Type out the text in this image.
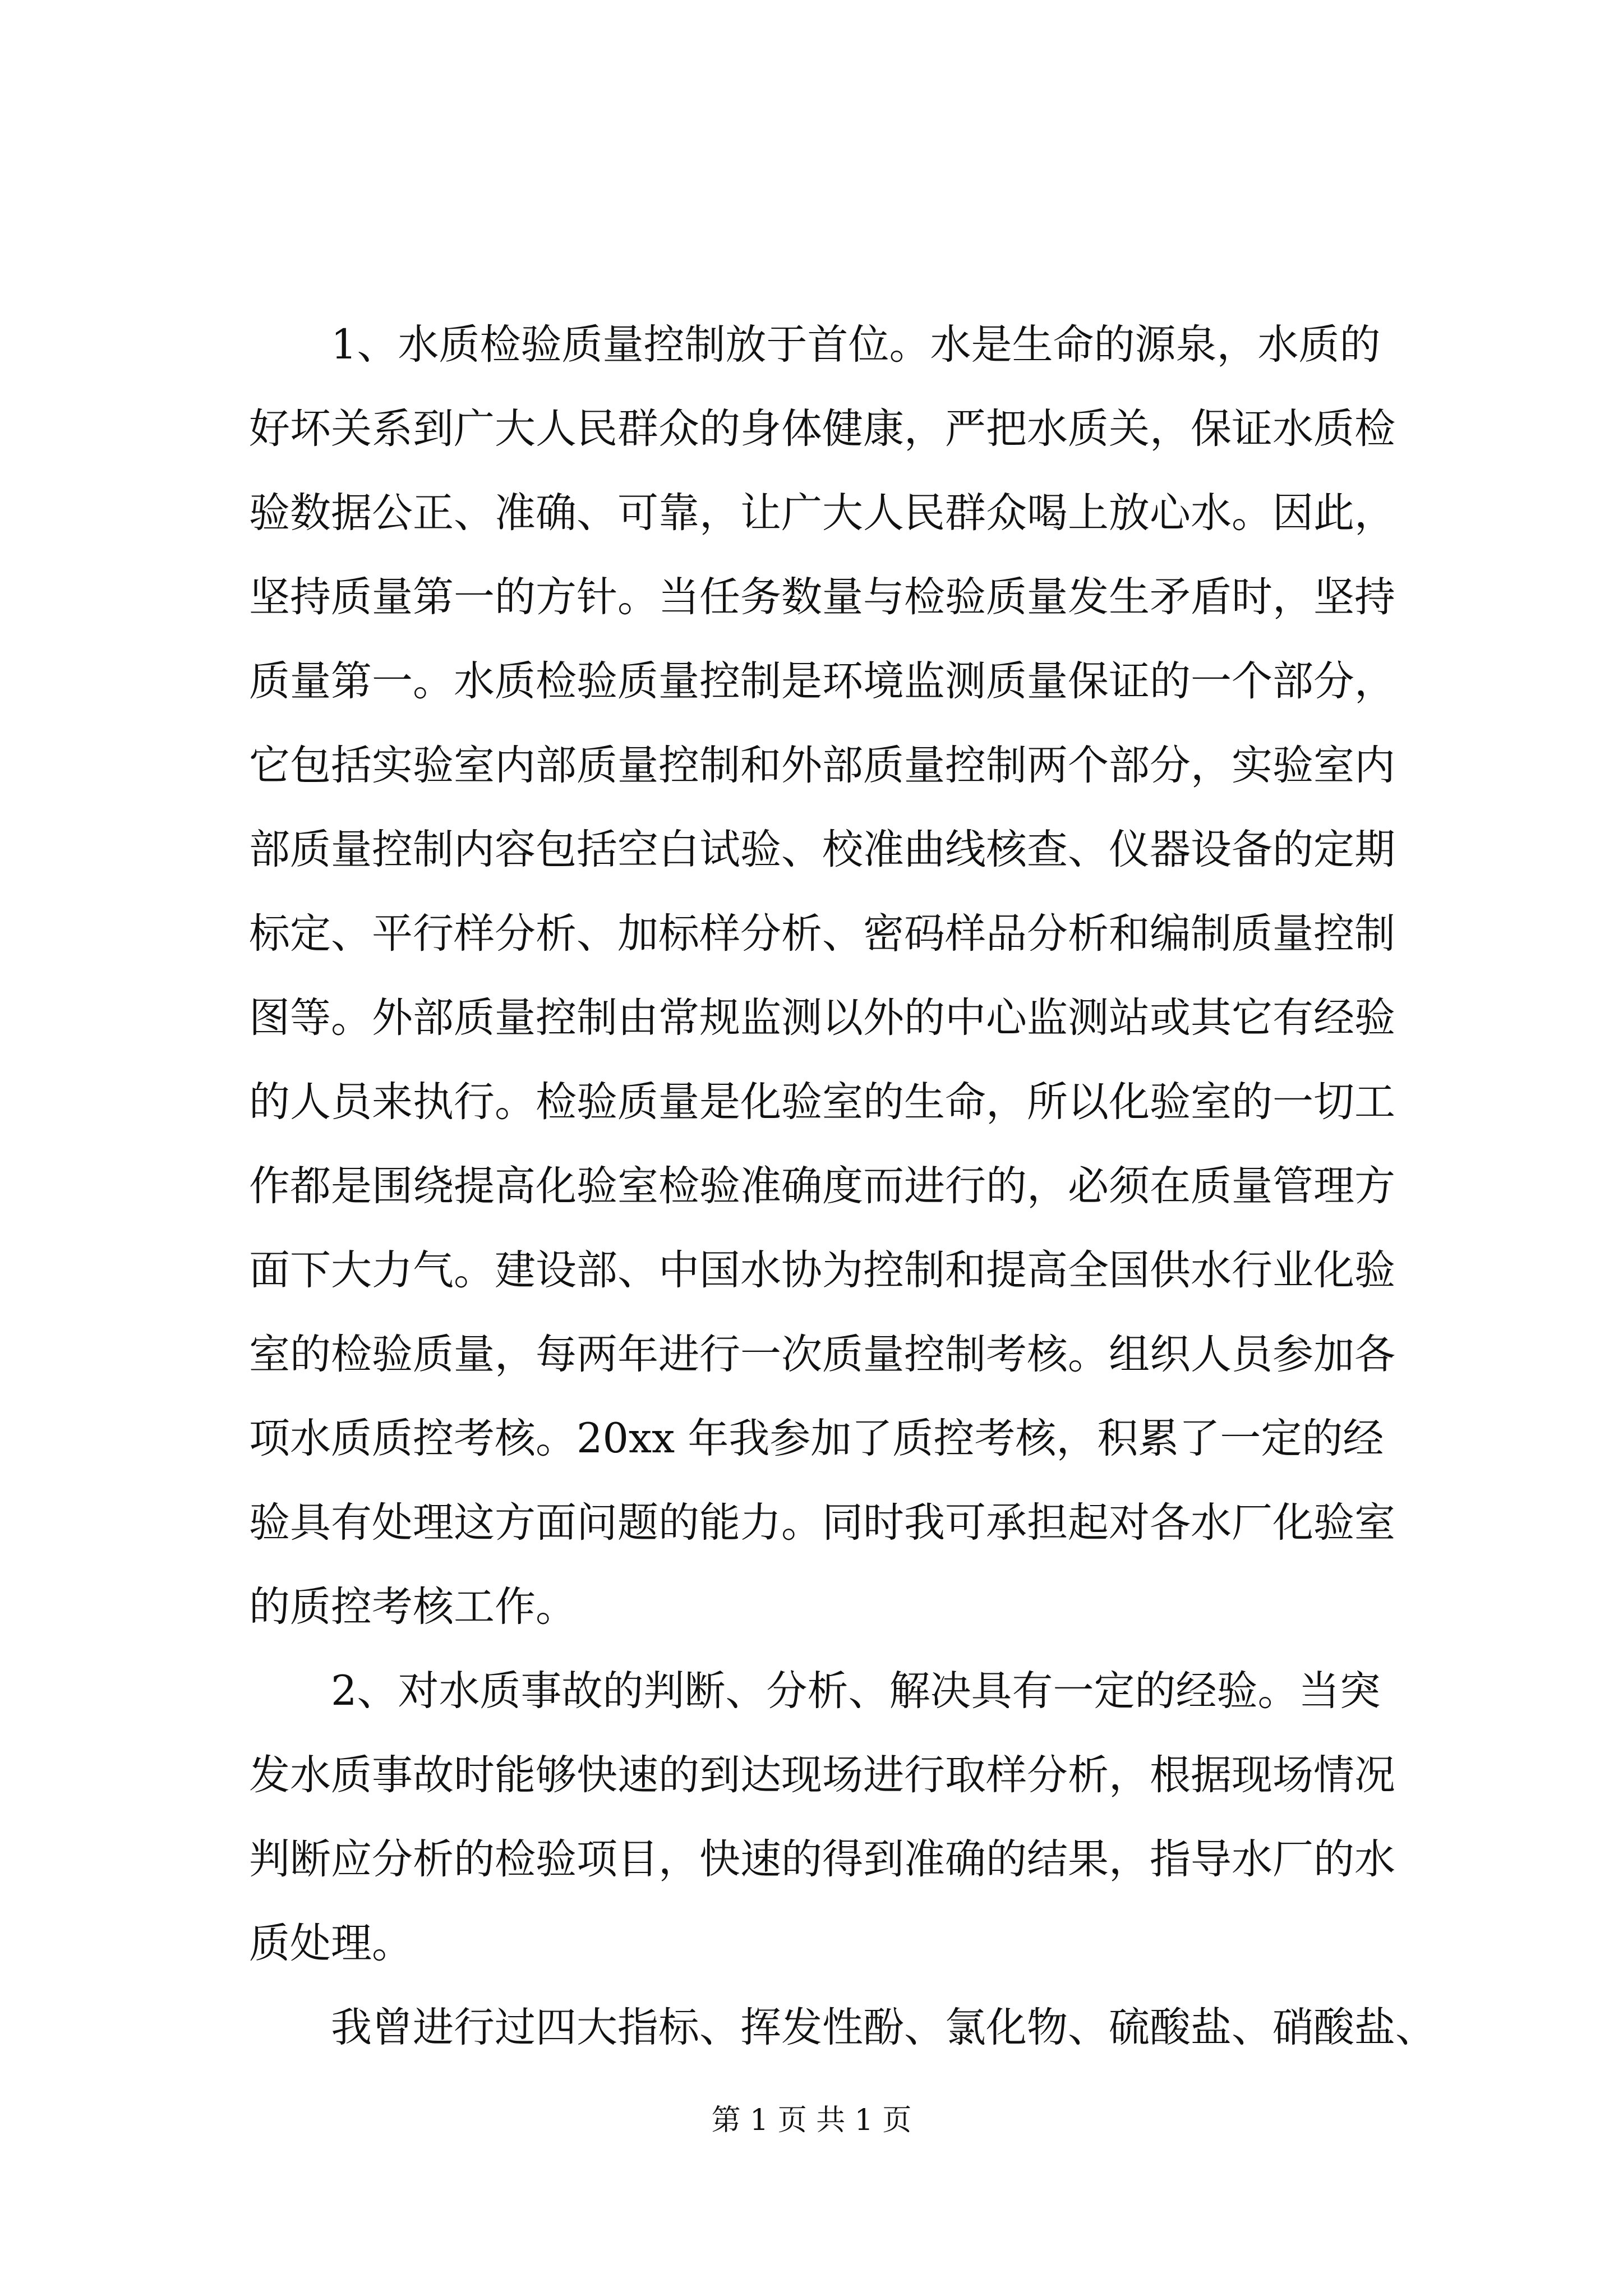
1、水质检验质量控制放于首位。水是生命的源泉，水质的
好坏关系到广大人民群众的身体健康，严把水质关，保证水质检
验数据公正、准确、可靠，让广大人民群众喝上放心水。因此，
坚持质量第一的方针。当任务数量与检验质量发生矛盾时，坚持
质量第一。水质检验质量控制是环境监测质量保证的一个部分，
它包括实验室内部质量控制和外部质量控制两个部分，实验室内
部质量控制内容包括空白试验、校准曲线核查、仪器设备的定期
标定、平行样分析、加标样分析、密码样品分析和编制质量控制
图等。外部质量控制由常规监测以外的中心监测站或其它有经验
的人员来执行。检验质量是化验室的生命，所以化验室的一切工
作都是围绕提高化验室检验准确度而进行的，必须在质量管理方
面下大力气。建设部、中国水协为控制和提高全国供水行业化验
室的检验质量，每两年进行一次质量控制考核。组织人员参加各
项水质质控考核。20xx 年我参加了质控考核，积累了一定的经
验具有处理这方面问题的能力。同时我可承担起对各水厂化验室
的质控考核工作。

2、对水质事故的判断、分析、解决具有一定的经验。当突
发水质事故时能够快速的到达现场进行取样分析，根据现场情况
判断应分析的检验项目，快速的得到准确的结果，指导水厂的水
质处理。

我曾进行过四大指标、挥发性酚、氯化物、硫酸盐、硝酸盐、

第 1 页 共 1 页
